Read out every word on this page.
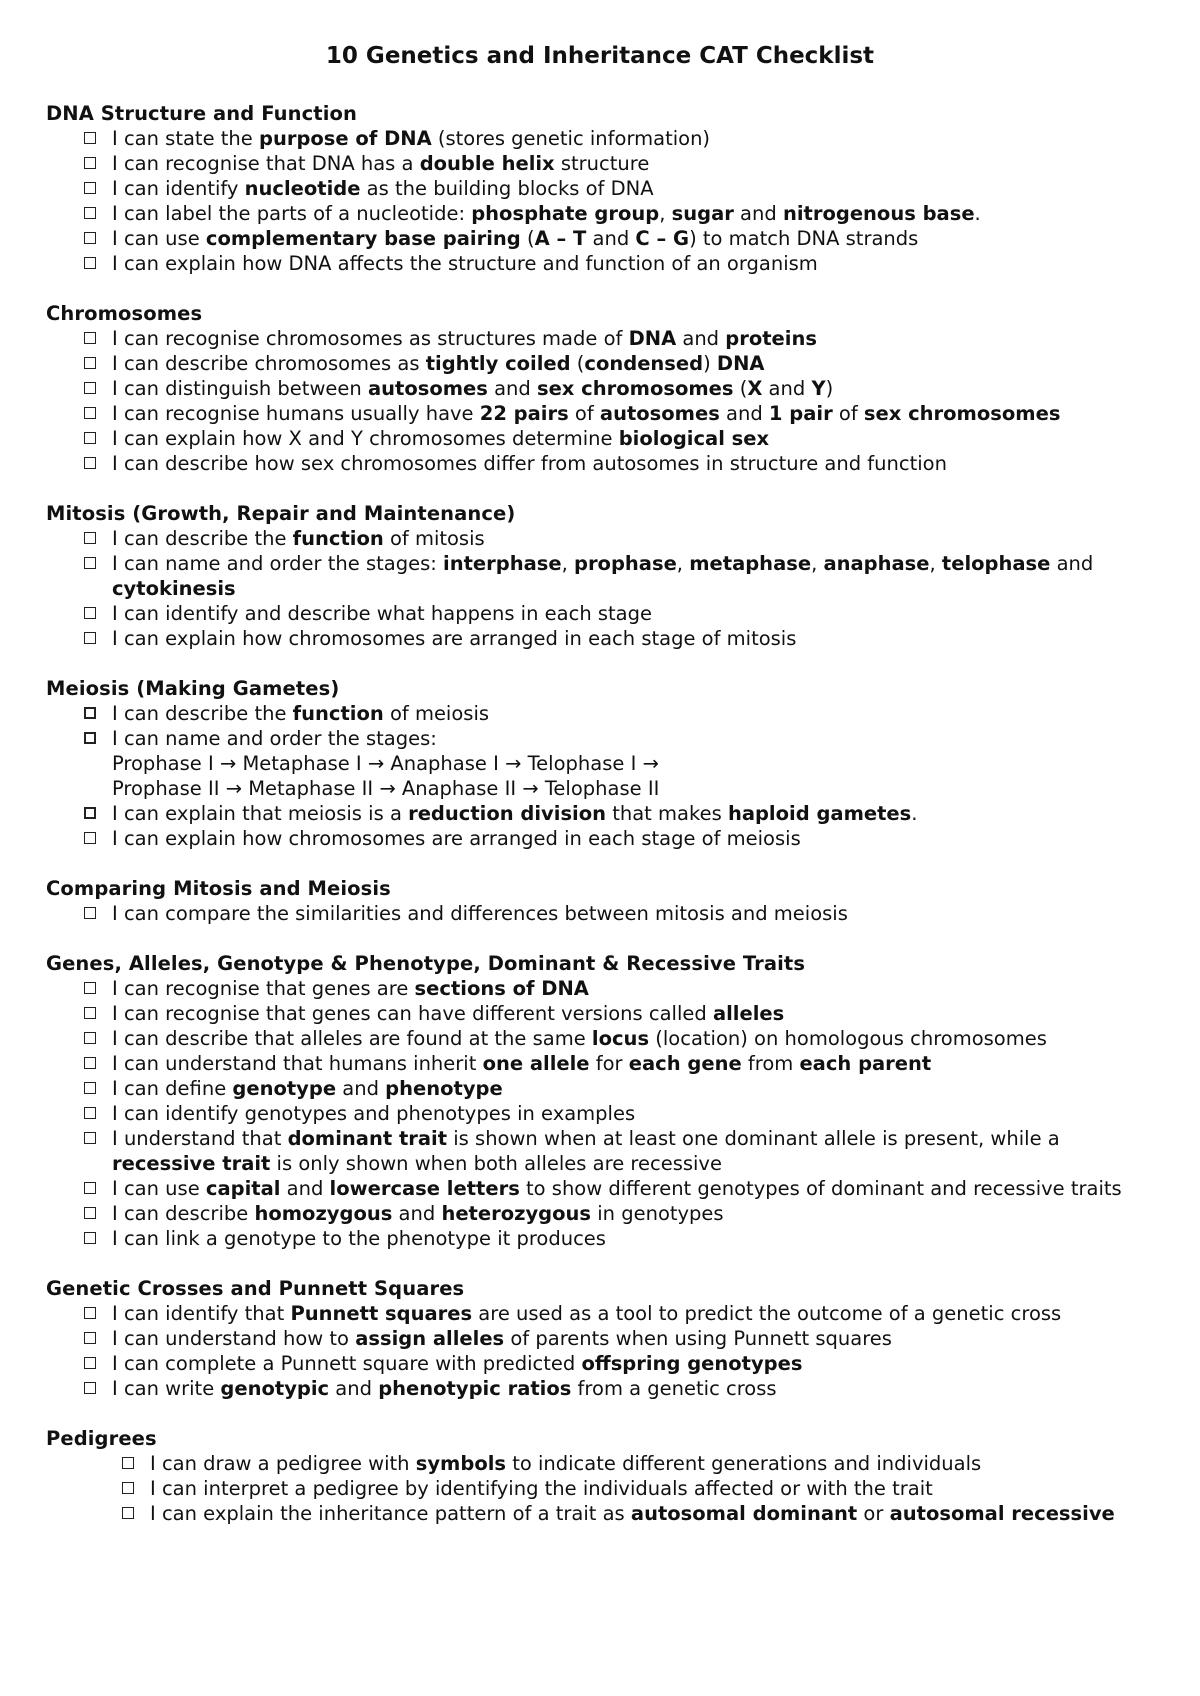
10 Genetics and Inheritance CAT Checklist
DNA Structure and Function
I can state the purpose of DNA (stores genetic information)
I can recognise that DNA has a double helix structure
I can identify nucleotide as the building blocks of DNA
I can label the parts of a nucleotide: phosphate group, sugar and nitrogenous base.
I can use complementary base pairing (A – T and C – G) to match DNA strands
I can explain how DNA affects the structure and function of an organism
Chromosomes
I can recognise chromosomes as structures made of DNA and proteins
I can describe chromosomes as tightly coiled (condensed) DNA
I can distinguish between autosomes and sex chromosomes (X and Y)
I can recognise humans usually have 22 pairs of autosomes and 1 pair of sex chromosomes
I can explain how X and Y chromosomes determine biological sex
I can describe how sex chromosomes differ from autosomes in structure and function
Mitosis (Growth, Repair and Maintenance)
I can describe the function of mitosis
I can name and order the stages: interphase, prophase, metaphase, anaphase, telophase and cytokinesis
I can identify and describe what happens in each stage
I can explain how chromosomes are arranged in each stage of mitosis
Meiosis (Making Gametes)
I can describe the function of meiosis
I can name and order the stages:
Prophase I → Metaphase I → Anaphase I → Telophase I →
Prophase II → Metaphase II → Anaphase II → Telophase II
I can explain that meiosis is a reduction division that makes haploid gametes.
I can explain how chromosomes are arranged in each stage of meiosis
Comparing Mitosis and Meiosis
I can compare the similarities and differences between mitosis and meiosis
Genes, Alleles, Genotype & Phenotype, Dominant & Recessive Traits
I can recognise that genes are sections of DNA
I can recognise that genes can have different versions called alleles
I can describe that alleles are found at the same locus (location) on homologous chromosomes
I can understand that humans inherit one allele for each gene from each parent
I can define genotype and phenotype
I can identify genotypes and phenotypes in examples
I understand that dominant trait is shown when at least one dominant allele is present, while a recessive trait is only shown when both alleles are recessive
I can use capital and lowercase letters to show different genotypes of dominant and recessive traits
I can describe homozygous and heterozygous in genotypes
I can link a genotype to the phenotype it produces
Genetic Crosses and Punnett Squares
I can identify that Punnett squares are used as a tool to predict the outcome of a genetic cross
I can understand how to assign alleles of parents when using Punnett squares
I can complete a Punnett square with predicted offspring genotypes
I can write genotypic and phenotypic ratios from a genetic cross
Pedigrees
I can draw a pedigree with symbols to indicate different generations and individuals
I can interpret a pedigree by identifying the individuals affected or with the trait
I can explain the inheritance pattern of a trait as autosomal dominant or autosomal recessive
